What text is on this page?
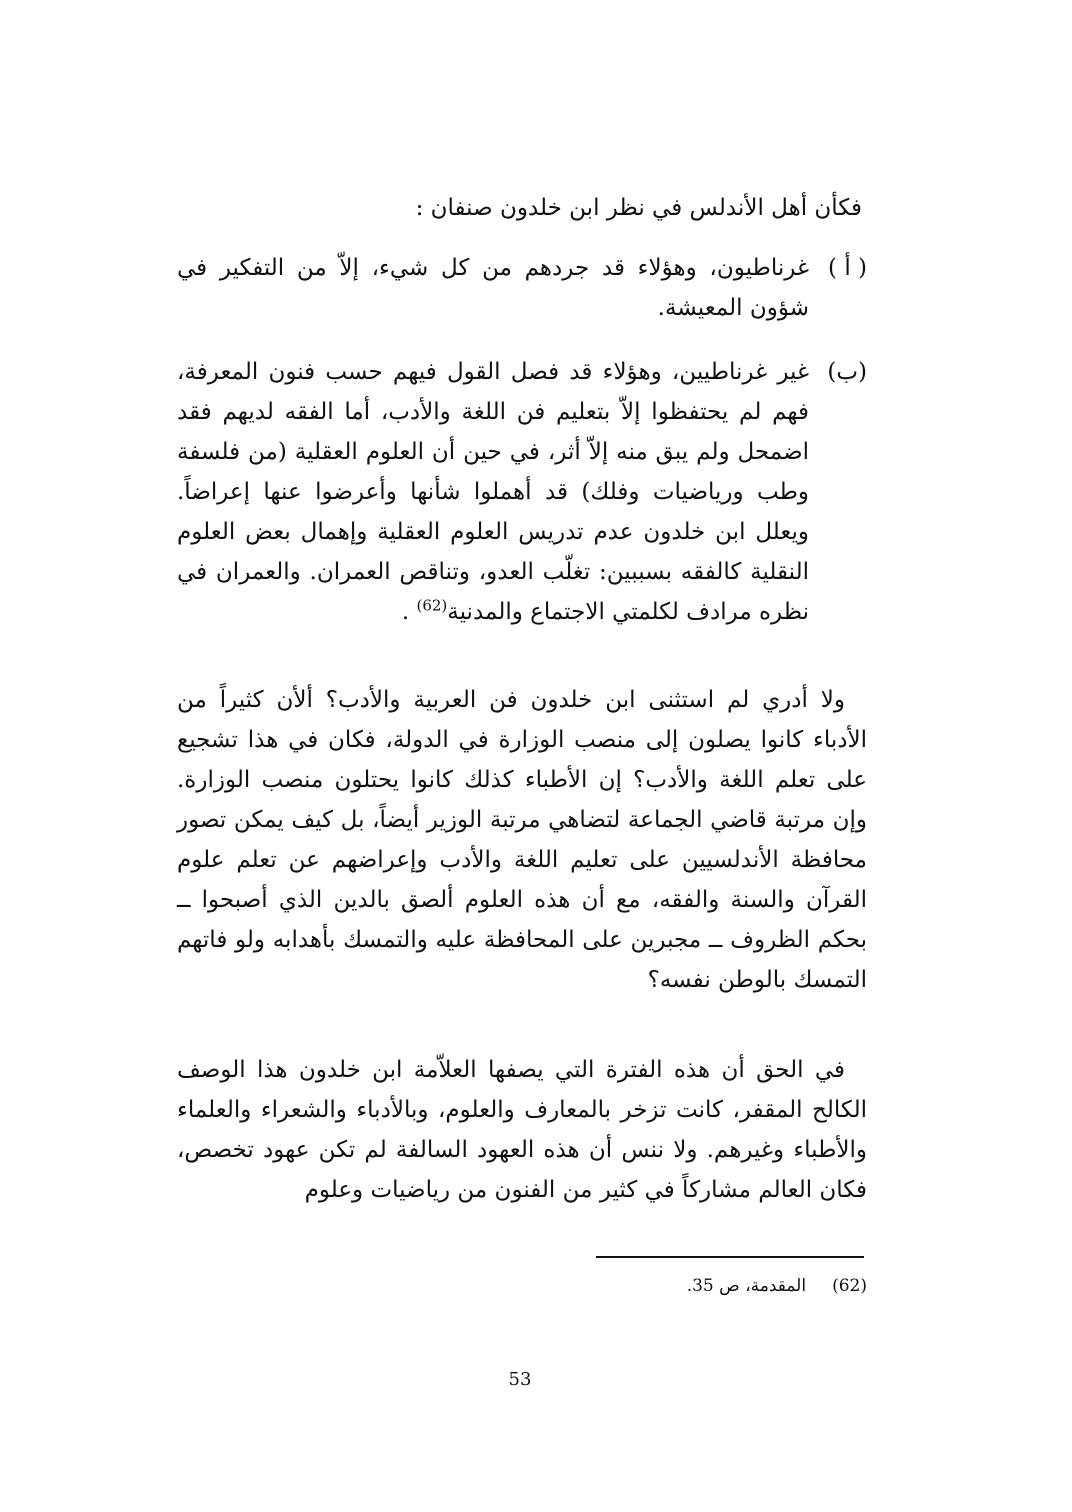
فكأن أهل الأندلس في نظر ابن خلدون صنفان :
( أ )
غرناطيون، وهؤلاء قد جردهم من كل شيء، إلاّ من التفكير في شؤون المعيشة.
(ب)
غير غرناطيين، وهؤلاء قد فصل القول فيهم حسب فنون المعرفة، فهم لم يحتفظوا إلاّ بتعليم فن اللغة والأدب، أما الفقه لديهم فقد اضمحل ولم يبق منه إلاّ أثر، في حين أن العلوم العقلية (من فلسفة وطب ورياضيات وفلك) قد أهملوا شأنها وأعرضوا عنها إعراضاً. ويعلل ابن خلدون عدم تدريس العلوم العقلية وإهمال بعض العلوم النقلية كالفقه بسببين: تغلّب العدو، وتناقص العمران. والعمران في نظره مرادف لكلمتي الاجتماع والمدنية$^{(62)}$ .
ولا أدري لم استثنى ابن خلدون فن العربية والأدب؟ ألأن كثيراً من الأدباء كانوا يصلون إلى منصب الوزارة في الدولة، فكان في هذا تشجيع على تعلم اللغة والأدب؟ إن الأطباء كذلك كانوا يحتلون منصب الوزارة. وإن مرتبة قاضي الجماعة لتضاهي مرتبة الوزير أيضاً، بل كيف يمكن تصور محافظة الأندلسيين على تعليم اللغة والأدب وإعراضهم عن تعلم علوم القرآن والسنة والفقه، مع أن هذه العلوم ألصق بالدين الذي أصبحوا ــ بحكم الظروف ــ مجبرين على المحافظة عليه والتمسك بأهدابه ولو فاتهم التمسك بالوطن نفسه؟
في الحق أن هذه الفترة التي يصفها العلاّمة ابن خلدون هذا الوصف الكالح المقفر، كانت تزخر بالمعارف والعلوم، وبالأدباء والشعراء والعلماء والأطباء وغيرهم. ولا ننس أن هذه العهود السالفة لم تكن عهود تخصص، فكان العالم مشاركاً في كثير من الفنون من رياضيات وعلوم
(62)المقدمة، ص 35.
53
